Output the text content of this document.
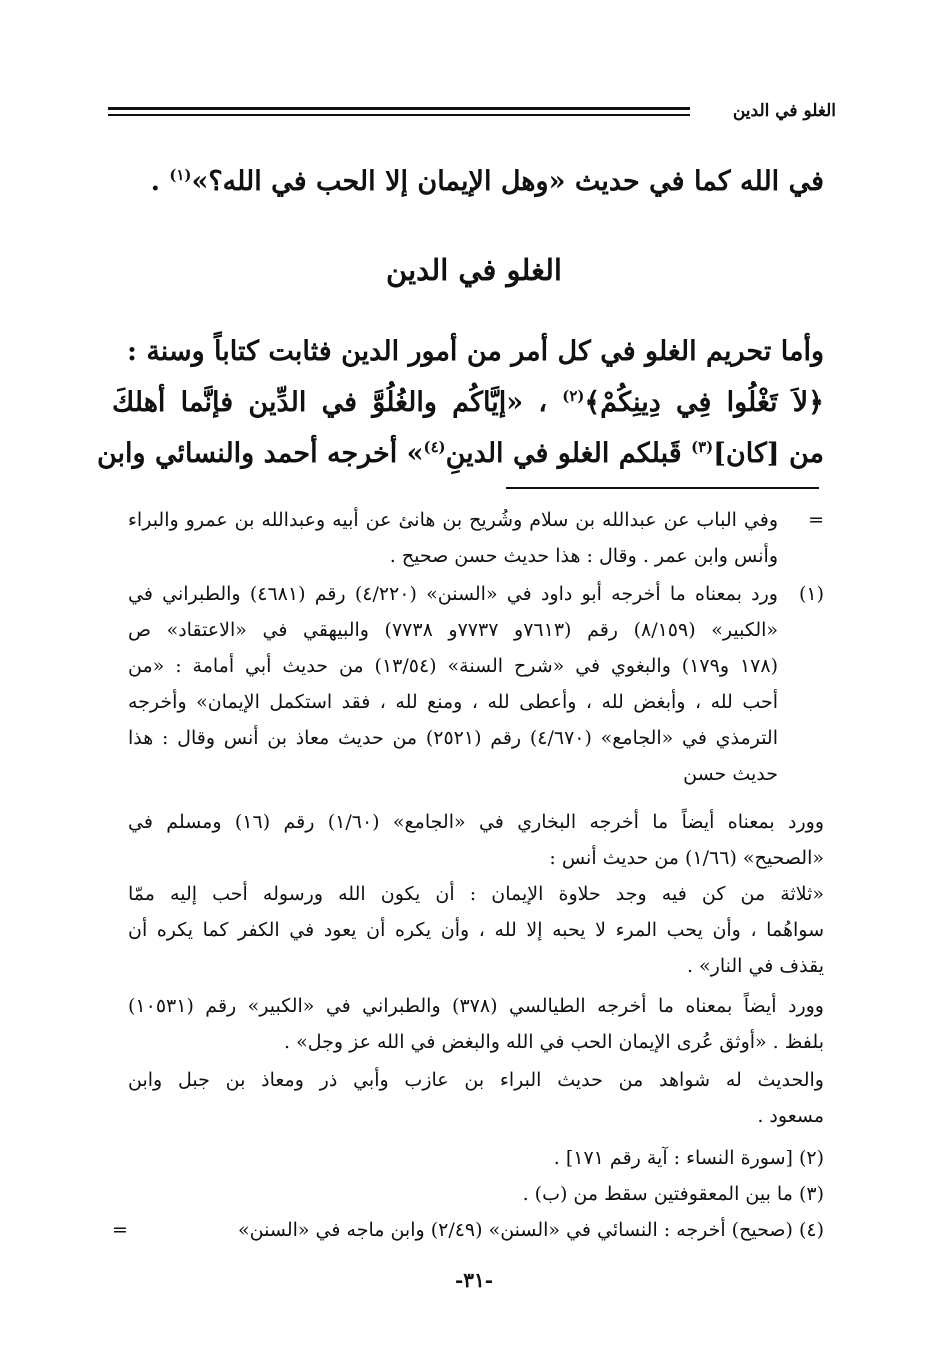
الغلو في الدين
في الله كما في حديث «وهل الإيمان إلا الحب في الله؟»$^{(١)}$ .
الغلو في الدين
وأما تحريم الغلو في كل أمر من أمور الدين فثابت كتاباً وسنة :
﴿لاَ تَغْلُوا فِي دِينِكُمْ﴾$^{(٢)}$ ، «إيَّاكُم والغُلُوَّ في الدِّين فإنَّما أهلكَ
من [كان]$^{(٣)}$ قَبلكم الغلو في الدينِ$^{(٤)}$» أخرجه أحمد والنسائي وابن
=
وفي الباب عن عبدالله بن سلام وشُريح بن هانئ عن أبيه وعبدالله بن عمرو والبراء
وأنس وابن عمر . وقال : هذا حديث حسن صحيح .
(١)
ورد بمعناه ما أخرجه أبو داود في «السنن» (٤/٢٢٠) رقم (٤٦٨١) والطبراني في
«الكبير» (٨/١٥٩) رقم (٧٦١٣و ٧٧٣٧و ٧٧٣٨) والبيهقي في «الاعتقاد» ص
(١٧٨ و١٧٩) والبغوي في «شرح السنة» (١٣/٥٤) من حديث أبي أمامة : «من
أحب لله ، وأبغض لله ، وأعطى لله ، ومنع لله ، فقد استكمل الإيمان» وأخرجه
الترمذي في «الجامع» (٤/٦٧٠) رقم (٢٥٢١) من حديث معاذ بن أنس وقال : هذا
حديث حسن
وورد بمعناه أيضاً ما أخرجه البخاري في «الجامع» (١/٦٠) رقم (١٦) ومسلم في
«الصحيح» (١/٦٦) من حديث أنس :
«ثلاثة من كن فيه وجد حلاوة الإيمان : أن يكون الله ورسوله أحب إليه ممّا
سواهُما ، وأن يحب المرء لا يحبه إلا لله ، وأن يكره أن يعود في الكفر كما يكره أن
يقذف في النار» .
وورد أيضاً بمعناه ما أخرجه الطيالسي (٣٧٨) والطبراني في «الكبير» رقم (١٠٥٣١)
بلفظ . «أوثق عُرى الإيمان الحب في الله والبغض في الله عز وجل» .
والحديث له شواهد من حديث البراء بن عازب وأبي ذر ومعاذ بن جبل وابن
مسعود .
(٢) [سورة النساء : آية رقم ١٧١] .
(٣) ما بين المعقوفتين سقط من (ب) .
(٤) (صحيح) أخرجه : النسائي في «السنن» (٢/٤٩) وابن ماجه في «السنن»
=
-٣١-
